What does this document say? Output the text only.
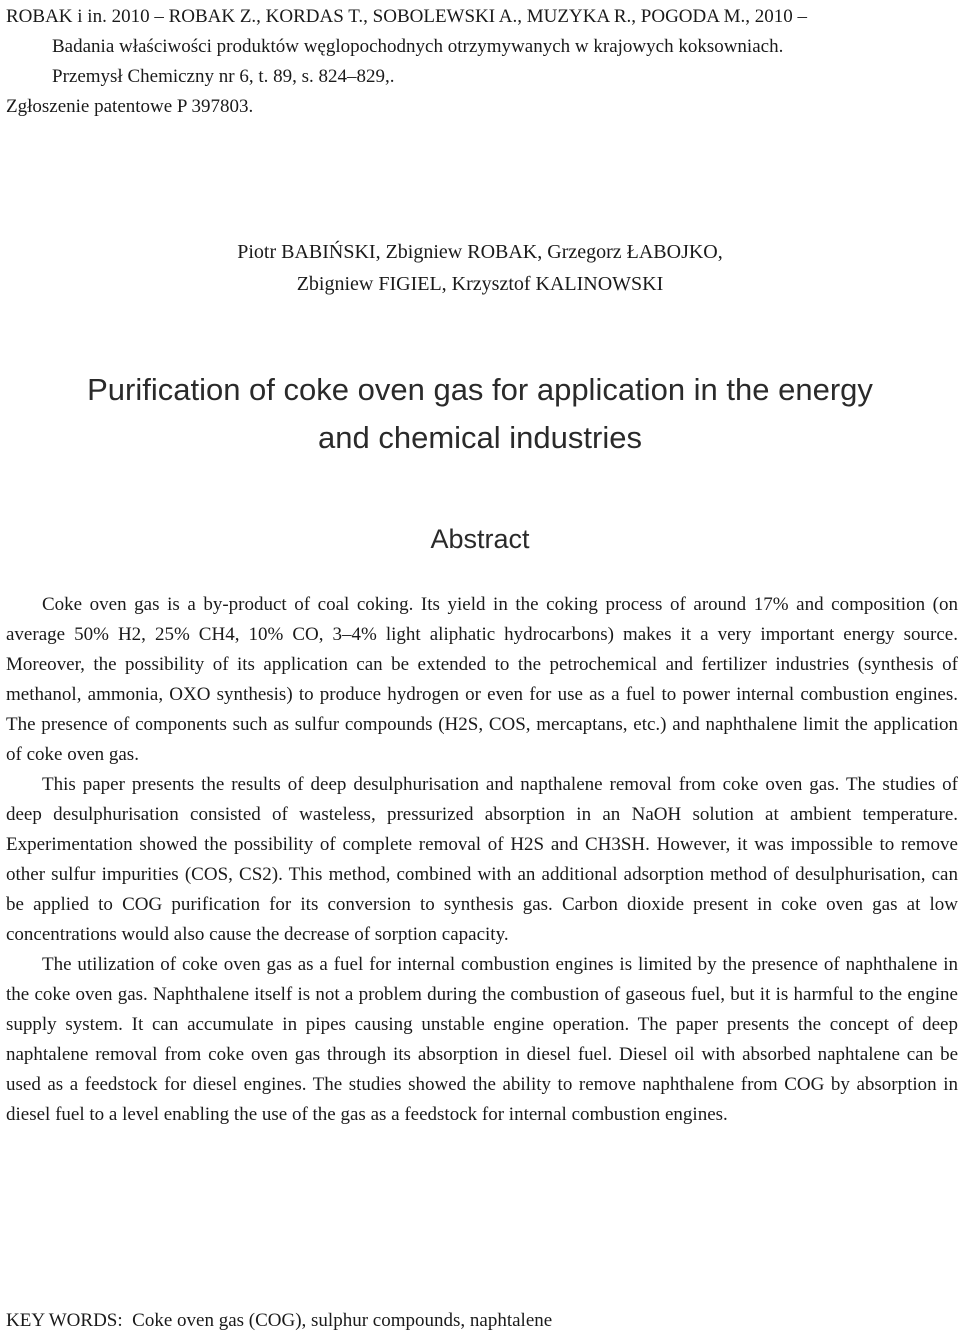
ROBAK i in. 2010 – ROBAK Z., KORDAS T., SOBOLEWSKI A., MUZYKA R., POGODA M., 2010 –
Badania właściwości produktów węglopochodnych otrzymywanych w krajowych koksowniach.
Przemysł Chemiczny nr 6, t. 89, s. 824–829,.
Zgłoszenie patentowe P 397803.
Piotr BABIŃSKI, Zbigniew ROBAK, Grzegorz ŁABOJKO,
Zbigniew FIGIEL, Krzysztof KALINOWSKI
Purification of coke oven gas for application in the energy
and chemical industries
Abstract

Coke oven gas is a by-product of coal coking. Its yield in the coking process of around 17% and composition (on average 50% H2, 25% CH4, 10% CO, 3–4% light aliphatic hydrocarbons) makes it a very important energy source. Moreover, the possibility of its application can be extended to the petrochemical and fertilizer industries (synthesis of methanol, ammonia, OXO synthesis) to produce hydrogen or even for use as a fuel to power internal combustion engines. The presence of components such as sulfur compounds (H2S, COS, mercaptans, etc.) and naphthalene limit the application of coke oven gas.

This paper presents the results of deep desulphurisation and napthalene removal from coke oven gas. The studies of deep desulphurisation consisted of wasteless, pressurized absorption in an NaOH solution at ambient temperature. Experimentation showed the possibility of complete removal of H2S and CH3SH. However, it was impossible to remove other sulfur impurities (COS, CS2). This method, combined with an additional adsorption method of desulphurisation, can be applied to COG purification for its conversion to synthesis gas. Carbon dioxide present in coke oven gas at low concentrations would also cause the decrease of sorption capacity.

The utilization of coke oven gas as a fuel for internal combustion engines is limited by the presence of naphthalene in the coke oven gas. Naphthalene itself is not a problem during the combustion of gaseous fuel, but it is harmful to the engine supply system. It can accumulate in pipes causing unstable engine operation. The paper presents the concept of deep naphtalene removal from coke oven gas through its absorption in diesel fuel. Diesel oil with absorbed naphtalene can be used as a feedstock for diesel engines. The studies showed the ability to remove naphthalene from COG by absorption in diesel fuel to a level enabling the use of the gas as a feedstock for internal combustion engines.

KEY WORDS: Coke oven gas (COG), sulphur compounds, naphtalene
